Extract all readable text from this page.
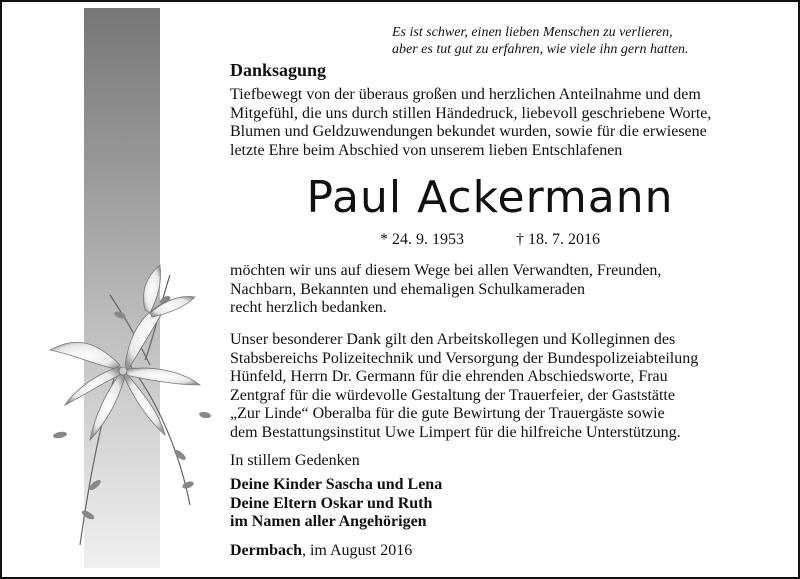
Es ist schwer, einen lieben Menschen zu verlieren,
aber es tut gut zu erfahren, wie viele ihn gern hatten.
Danksagung
Tiefbewegt von der überaus großen und herzlichen Anteilnahme und dem
Mitgefühl, die uns durch stillen Händedruck, liebevoll geschriebene Worte,
Blumen und Geldzuwendungen bekundet wurden, sowie für die erwiesene
letzte Ehre beim Abschied von unserem lieben Entschlafenen
Paul Ackermann
* 24. 9. 1953	† 18. 7. 2016
möchten wir uns auf diesem Wege bei allen Verwandten, Freunden,
Nachbarn, Bekannten und ehemaligen Schulkameraden
recht herzlich bedanken.
Unser besonderer Dank gilt den Arbeitskollegen und Kolleginnen des
Stabsbereichs Polizeitechnik und Versorgung der Bundespolizeiabteilung
Hünfeld, Herrn Dr. Germann für die ehrenden Abschiedsworte, Frau
Zentgraf für die würdevolle Gestaltung der Trauerfeier, der Gaststätte
„Zur Linde“ Oberalba für die gute Bewirtung der Trauergäste sowie
dem Bestattungsinstitut Uwe Limpert für die hilfreiche Unterstützung.
In stillem Gedenken
Deine Kinder Sascha und Lena
Deine Eltern Oskar und Ruth
im Namen aller Angehörigen
Dermbach, im August 2016
